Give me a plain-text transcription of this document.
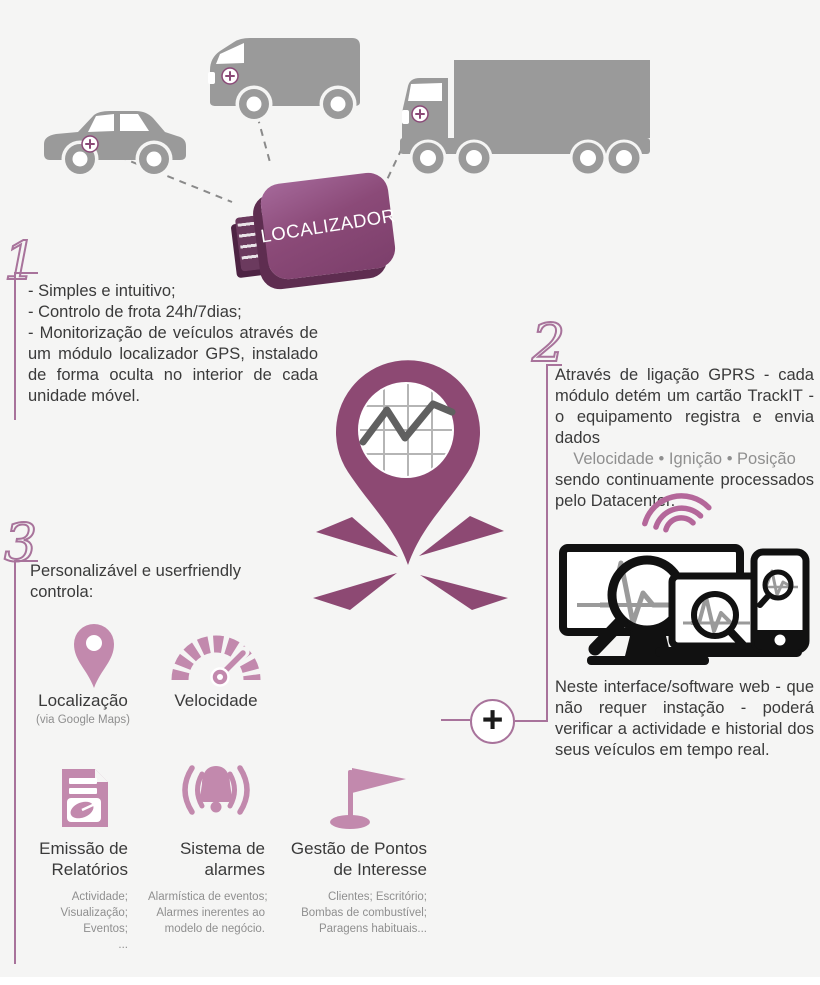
LOCALIZADOR
1
- Simples e intuitivo;
- Controlo de frota 24h/7dias;
- Monitorização de veículos através de um módulo localizador GPS, instalado de forma oculta no interior de cada unidade móvel.
2
Através de ligação GPRS - cada módulo detém um cartão TrackIT - o equipamento registra e envia dados
Velocidade • Ignição • Posição
sendo continuamente processados pelo Datacenter.
+
Neste interface/software web - que não requer instação - poderá verificar a actividade e historial dos seus veículos em tempo real.
3
Personalizável e userfriendly controla:
Localização
(via Google Maps)
Velocidade
Emissão de Relatórios
Actividade;
Visualização;
Eventos;
...
Sistema de alarmes
Alarmística de eventos;
Alarmes inerentes ao
modelo de negócio.
Gestão de Pontos de Interesse
Clientes; Escritório;
Bombas de combustível;
Paragens habituais...
